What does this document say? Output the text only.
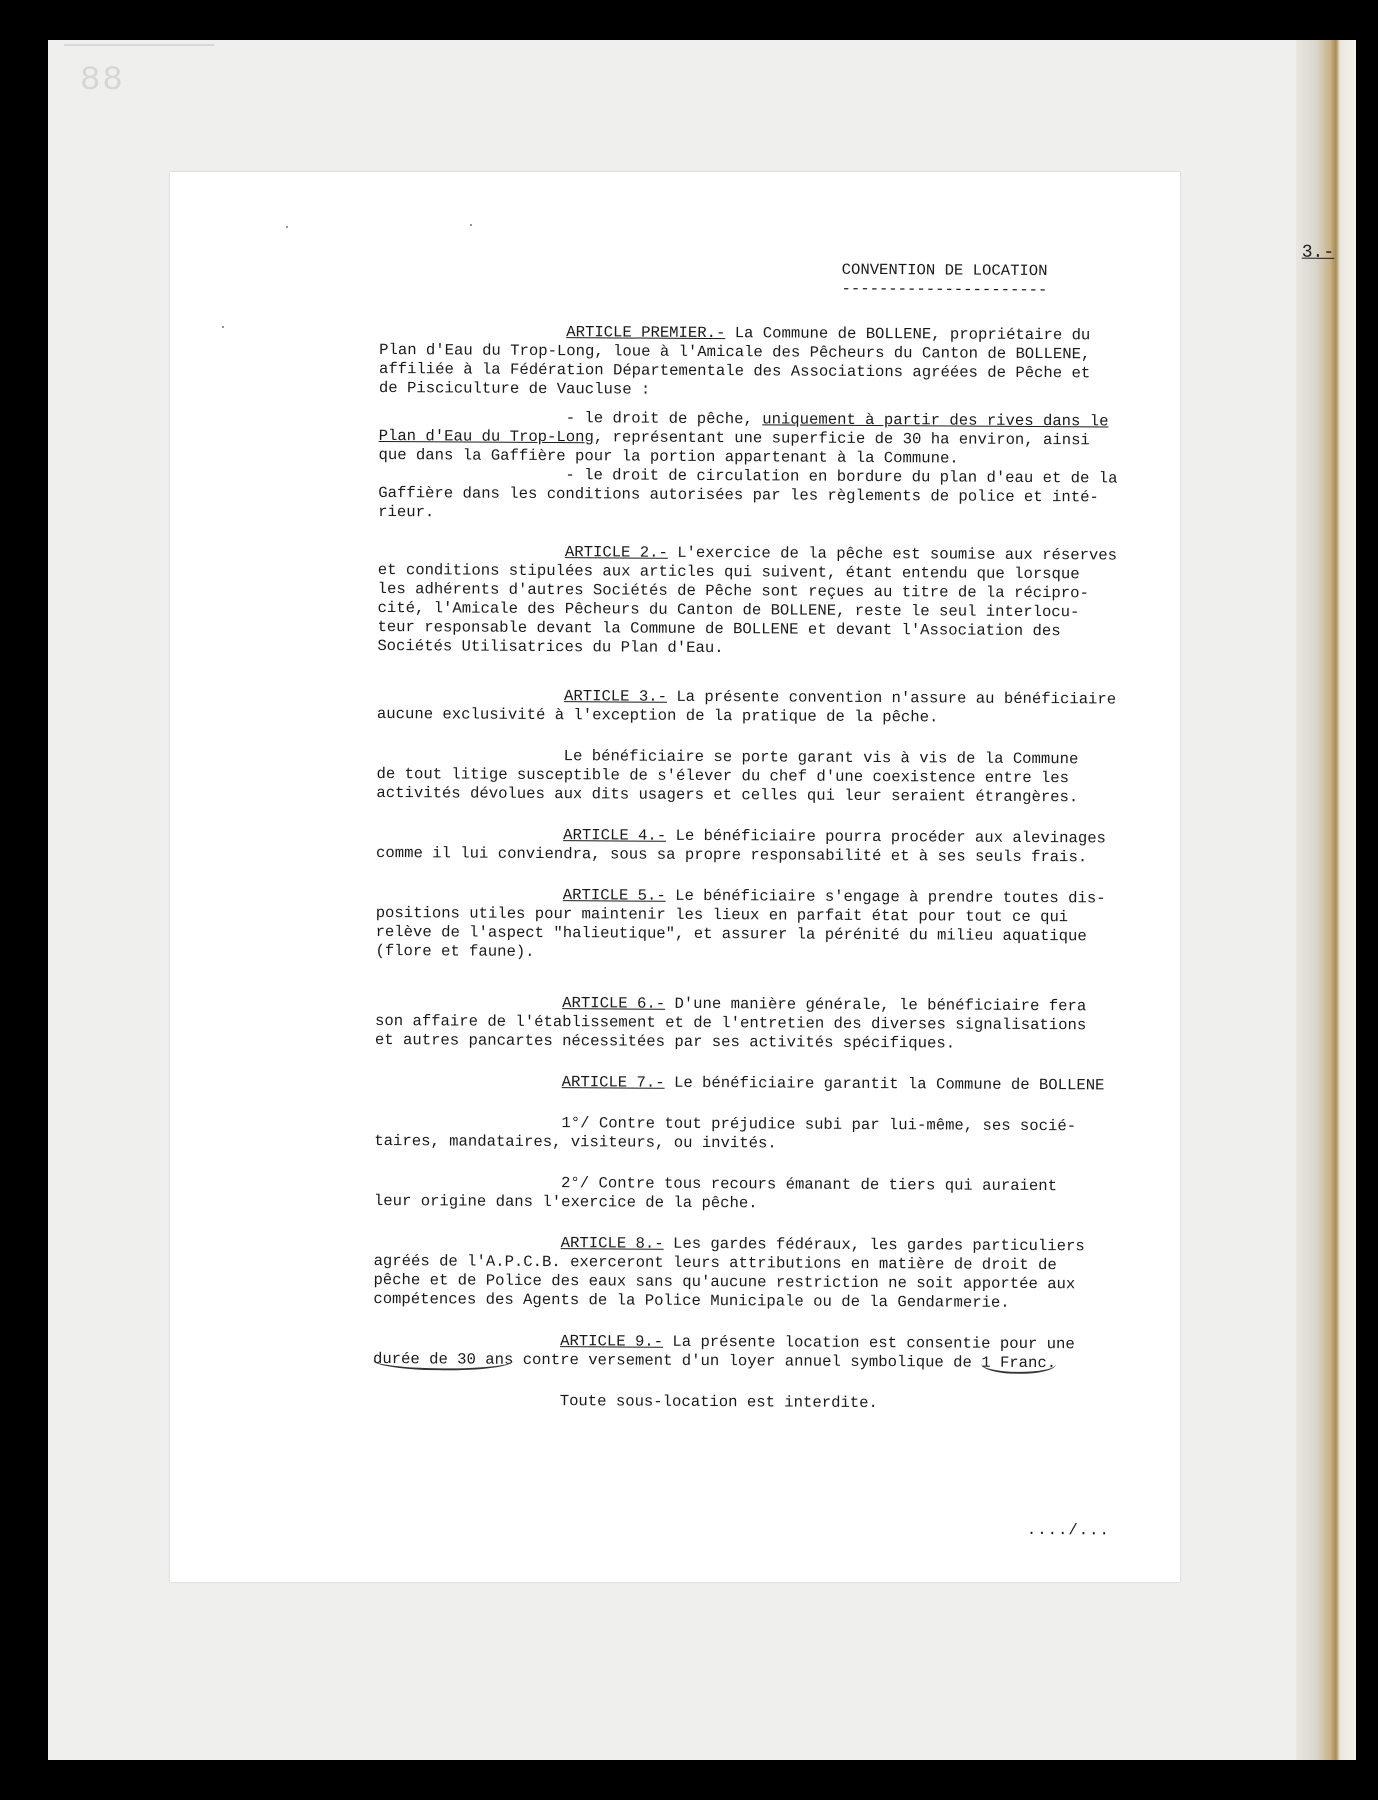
88
3.-

CONVENTION DE LOCATION

----------------------

ARTICLE PREMIER.- La Commune de BOLLENE, propriétaire du

Plan d'Eau du Trop-Long, loue à l'Amicale des Pêcheurs du Canton de BOLLENE,

affiliée à la Fédération Départementale des Associations agréées de Pêche et

de Pisciculture de Vaucluse :

- le droit de pêche, uniquement à partir des rives dans le

Plan d'Eau du Trop-Long, représentant une superficie de 30 ha environ, ainsi

que dans la Gaffière pour la portion appartenant à la Commune.

- le droit de circulation en bordure du plan d'eau et de la

Gaffière dans les conditions autorisées par les règlements de police et inté-

rieur.

ARTICLE 2.- L'exercice de la pêche est soumise aux réserves

et conditions stipulées aux articles qui suivent, étant entendu que lorsque

les adhérents d'autres Sociétés de Pêche sont reçues au titre de la récipro-

cité, l'Amicale des Pêcheurs du Canton de BOLLENE, reste le seul interlocu-

teur responsable devant la Commune de BOLLENE et devant l'Association des

Sociétés Utilisatrices du Plan d'Eau.

ARTICLE 3.- La présente convention n'assure au bénéficiaire

aucune exclusivité à l'exception de la pratique de la pêche.

Le bénéficiaire se porte garant vis à vis de la Commune

de tout litige susceptible de s'élever du chef d'une coexistence entre les

activités dévolues aux dits usagers et celles qui leur seraient étrangères.

ARTICLE 4.- Le bénéficiaire pourra procéder aux alevinages

comme il lui conviendra, sous sa propre responsabilité et à ses seuls frais.

ARTICLE 5.- Le bénéficiaire s'engage à prendre toutes dis-

positions utiles pour maintenir les lieux en parfait état pour tout ce qui

relève de l'aspect "halieutique", et assurer la pérénité du milieu aquatique

(flore et faune).

ARTICLE 6.- D'une manière générale, le bénéficiaire fera

son affaire de l'établissement et de l'entretien des diverses signalisations

et autres pancartes nécessitées par ses activités spécifiques.

ARTICLE 7.- Le bénéficiaire garantit la Commune de BOLLENE

1°/ Contre tout préjudice subi par lui-même, ses socié-

taires, mandataires, visiteurs, ou invités.

2°/ Contre tous recours émanant de tiers qui auraient

leur origine dans l'exercice de la pêche.

ARTICLE 8.- Les gardes fédéraux, les gardes particuliers

agréés de l'A.P.C.B. exerceront leurs attributions en matière de droit de

pêche et de Police des eaux sans qu'aucune restriction ne soit apportée aux

compétences des Agents de la Police Municipale ou de la Gendarmerie.

ARTICLE 9.- La présente location est consentie pour une

durée de 30 ans contre versement d'un loyer annuel symbolique de 1 Franc.

Toute sous-location est interdite.

..../...
